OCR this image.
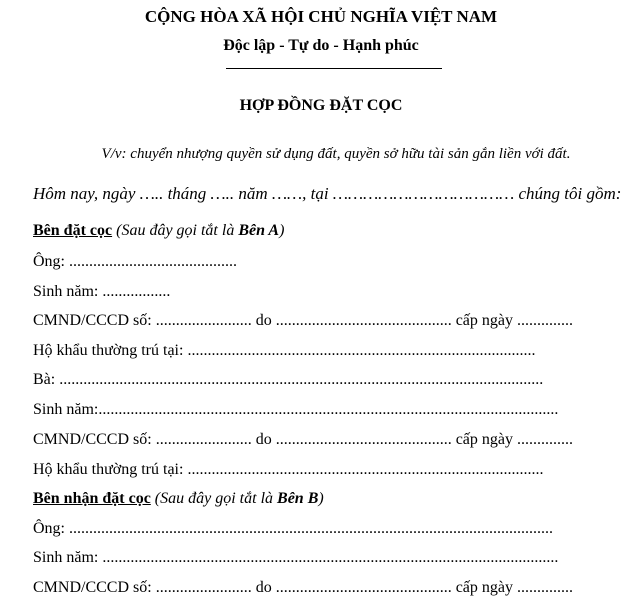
CỘNG HÒA XÃ HỘI CHỦ NGHĨA VIỆT NAM
Độc lập - Tự do - Hạnh phúc
HỢP ĐỒNG ĐẶT CỌC
V/v: chuyển nhượng quyền sử dụng đất, quyền sở hữu tài sản gắn liền với đất.
Hôm nay, ngày ….. tháng ….. năm ……, tại ……………………………… chúng tôi gồm:
Bên đặt cọc (Sau đây gọi tắt là Bên A)
Ông: ..........................................
Sinh năm: .................
CMND/CCCD số: ........................ do ............................................ cấp ngày ..............
Hộ khẩu thường trú tại: .......................................................................................
Bà: .........................................................................................................................
Sinh năm:...................................................................................................................
CMND/CCCD số: ........................ do ............................................ cấp ngày ..............
Hộ khẩu thường trú tại: .........................................................................................
Bên nhận đặt cọc (Sau đây gọi tắt là Bên B)
Ông: .........................................................................................................................
Sinh năm: ..................................................................................................................
CMND/CCCD số: ........................ do ............................................ cấp ngày ..............
